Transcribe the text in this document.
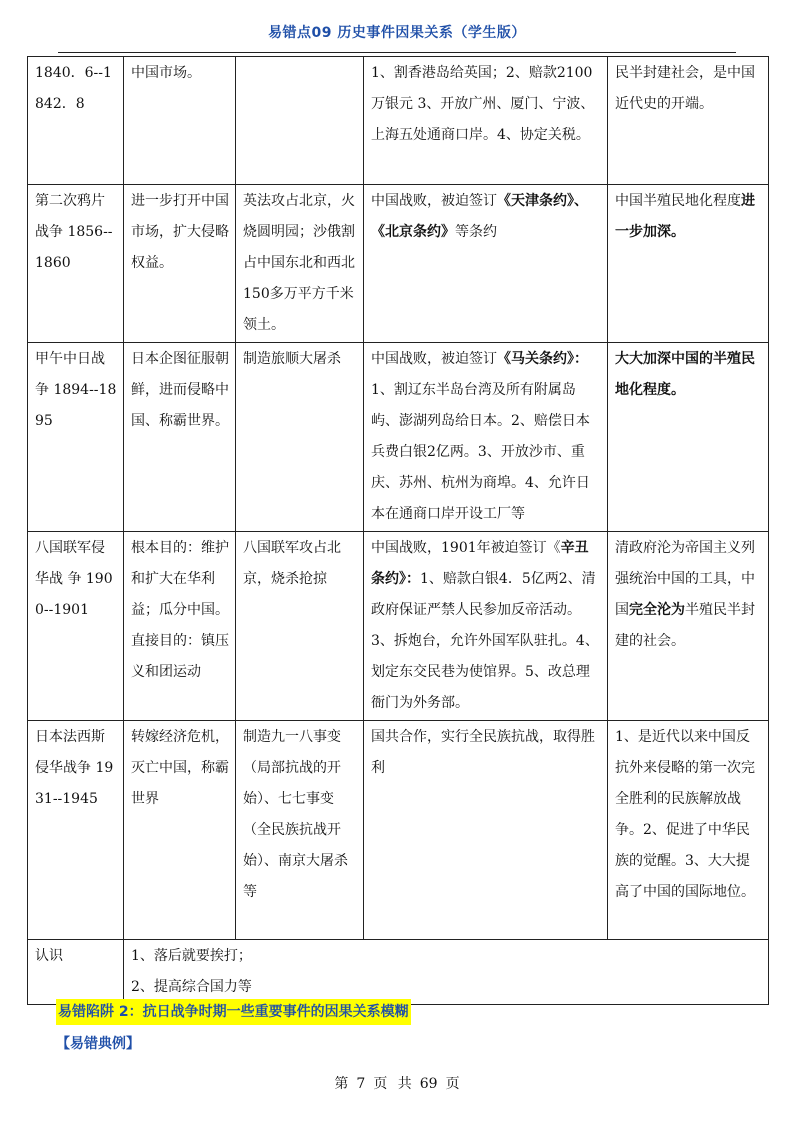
易错点09 历史事件因果关系（学生版）
1840．6--1842．8	中国市场。		1、割香港岛给英国；2、赔款2100万银元 3、开放广州、厦门、宁波、上海五处通商口岸。4、协定关税。	民半封建社会，是中国近代史的开端。
第二次鸦片战争 1856--1860	进一步打开中国市场，扩大侵略权益。	英法攻占北京，火烧圆明园；沙俄割占中国东北和西北150多万平方千米领土。	中国战败，被迫签订《天津条约》、《北京条约》等条约	中国半殖民地化程度进一步加深。
甲午中日战争 1894--1895	日本企图征服朝鲜，进而侵略中国、称霸世界。	制造旅顺大屠杀	中国战败，被迫签订《马关条约》：1、割辽东半岛台湾及所有附属岛屿、澎湖列岛给日本。2、赔偿日本兵费白银2亿两。3、开放沙市、重庆、苏州、杭州为商埠。4、允许日本在通商口岸开设工厂等	大大加深中国的半殖民地化程度。
八国联军侵华战 争 1900--1901	根本目的：维护和扩大在华利益；瓜分中国。 直接目的：镇压义和团运动	八国联军攻占北京，烧杀抢掠	中国战败，1901年被迫签订《辛丑条约》：1、赔款白银4．5亿两2、清政府保证严禁人民参加反帝活动。3、拆炮台，允许外国军队驻扎。4、划定东交民巷为使馆界。5、改总理衙门为外务部。	清政府沦为帝国主义列强统治中国的工具，中国完全沦为半殖民半封建的社会。
日本法西斯侵华战争 1931--1945	转嫁经济危机，灭亡中国，称霸世界	制造九一八事变（局部抗战的开始）、七七事变（全民族抗战开始）、南京大屠杀等	国共合作，实行全民族抗战，取得胜利	1、是近代以来中国反抗外来侵略的第一次完全胜利的民族解放战争。2、促进了中华民族的觉醒。3、大大提高了中国的国际地位。
认识	1、落后就要挨打；
2、提高综合国力等			
易错陷阱 2：抗日战争时期一些重要事件的因果关系模糊
【易错典例】
第 7 页 共 69 页
